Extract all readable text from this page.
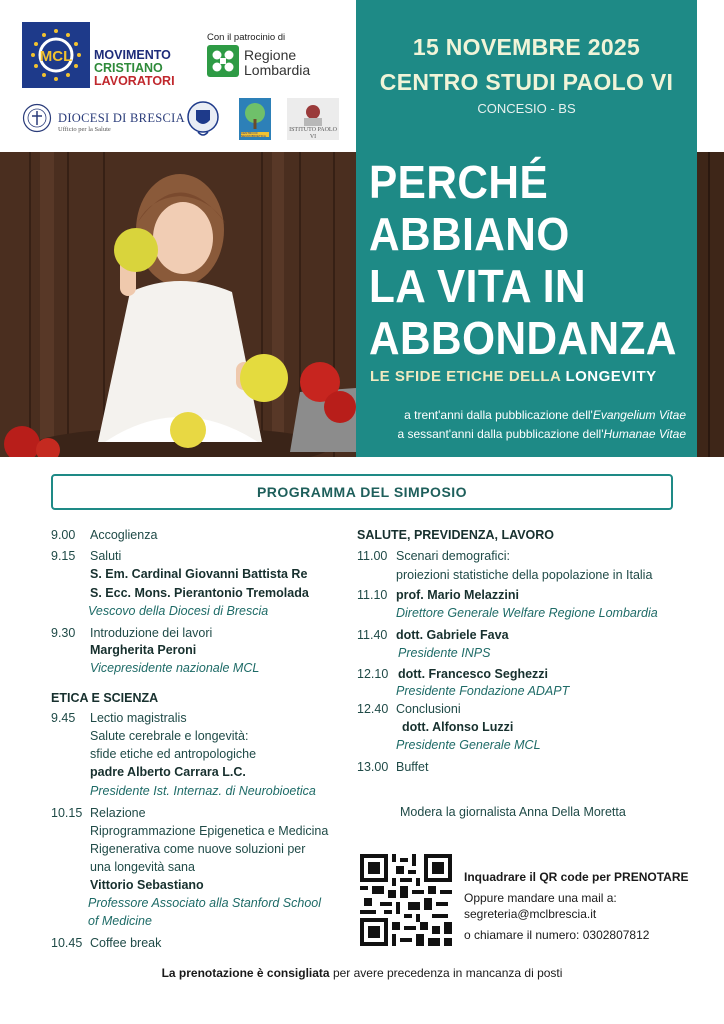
MCL MOVIMENTO
CRISTIANO
LAVORATORI
Con il patrocinio di
Regione
Lombardia
DIOCESI DI BRESCIA
Ufficio per la Salute	CENTRO DI NEUROBIOETICA
ISTITUTO PAOLO VI
15 NOVEMBRE 2025
CENTRO STUDI PAOLO VI
CONCESIO - BS
PERCHÉ
ABBIANO
LA VITA IN
ABBONDANZA
LE SFIDE ETICHE DELLA LONGEVITY
a trent'anni dalla pubblicazione dell'Evangelium Vitae
a sessant'anni dalla pubblicazione dell'Humanae Vitae
PROGRAMMA DEL SIMPOSIO
9.00 Accoglienza
9.15 Saluti
S. Em. Cardinal Giovanni Battista Re
S. Ecc. Mons. Pierantonio Tremolada
Vescovo della Diocesi di Brescia
9.30 Introduzione dei lavori
Margherita Peroni
Vicepresidente nazionale MCL
ETICA E SCIENZA
9.45 Lectio magistralis
Salute cerebrale e longevità:
sfide etiche ed antropologiche
padre Alberto Carrara L.C.
Presidente Ist. Internaz. di Neurobioetica
10.15 Relazione
Riprogrammazione Epigenetica e Medicina
Rigenerativa come nuove soluzioni per
una longevità sana
Vittorio Sebastiano
Professore Associato alla Stanford School
of Medicine
10.45 Coffee break
SALUTE, PREVIDENZA, LAVORO
11.00 Scenari demografici:
proiezioni statistiche della popolazione in Italia
11.10 prof. Mario Melazzini
Direttore Generale Welfare Regione Lombardia
11.40 dott. Gabriele Fava
Presidente INPS
12.10 dott. Francesco Seghezzi
Presidente Fondazione ADAPT
12.40 Conclusioni
dott. Alfonso Luzzi
Presidente Generale MCL
13.00 Buffet
Modera la giornalista Anna Della Moretta
Inquadrare il QR code per PRENOTARE
Oppure mandare una mail a:
segreteria@mclbrescia.it
o chiamare il numero: 0302807812
La prenotazione è consigliata per avere precedenza in mancanza di posti
